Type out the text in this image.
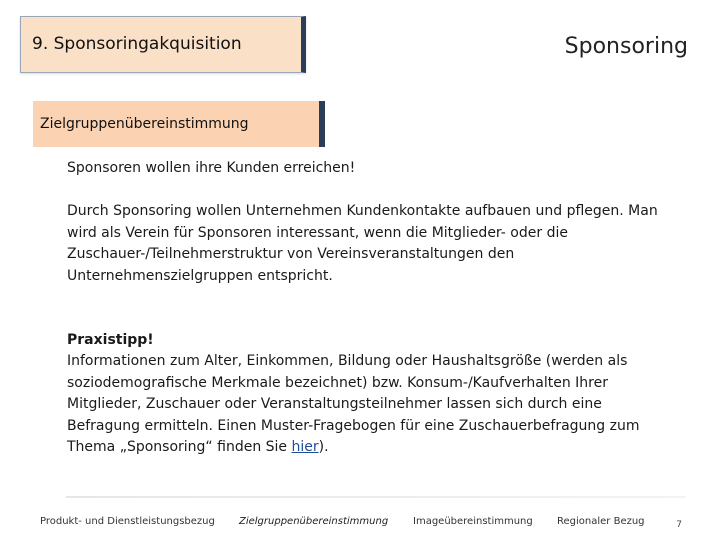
9. Sponsoringakquisition	Sponsoring
Zielgruppenübereinstimmung
Sponsoren wollen ihre Kunden erreichen!
Durch Sponsoring wollen Unternehmen Kundenkontakte aufbauen und pflegen. Man wird als Verein für Sponsoren interessant, wenn die Mitglieder- oder die Zuschauer-/Teilnehmerstruktur von Vereinsveranstaltungen den Unternehmenszielgruppen entspricht.
Praxistipp!
Informationen zum Alter, Einkommen, Bildung oder Haushaltsgröße (werden als soziodemografische Merkmale bezeichnet) bzw. Konsum-/Kaufverhalten Ihrer Mitglieder, Zuschauer oder Veranstaltungsteilnehmer lassen sich durch eine Befragung ermitteln. Einen Muster-Fragebogen für eine Zuschauerbefragung zum Thema „Sponsoring“ finden Sie hier).
Produkt- und Dienstleistungsbezug Zielgruppenübereinstimmung Imageübereinstimmung Regionaler Bezug	7
